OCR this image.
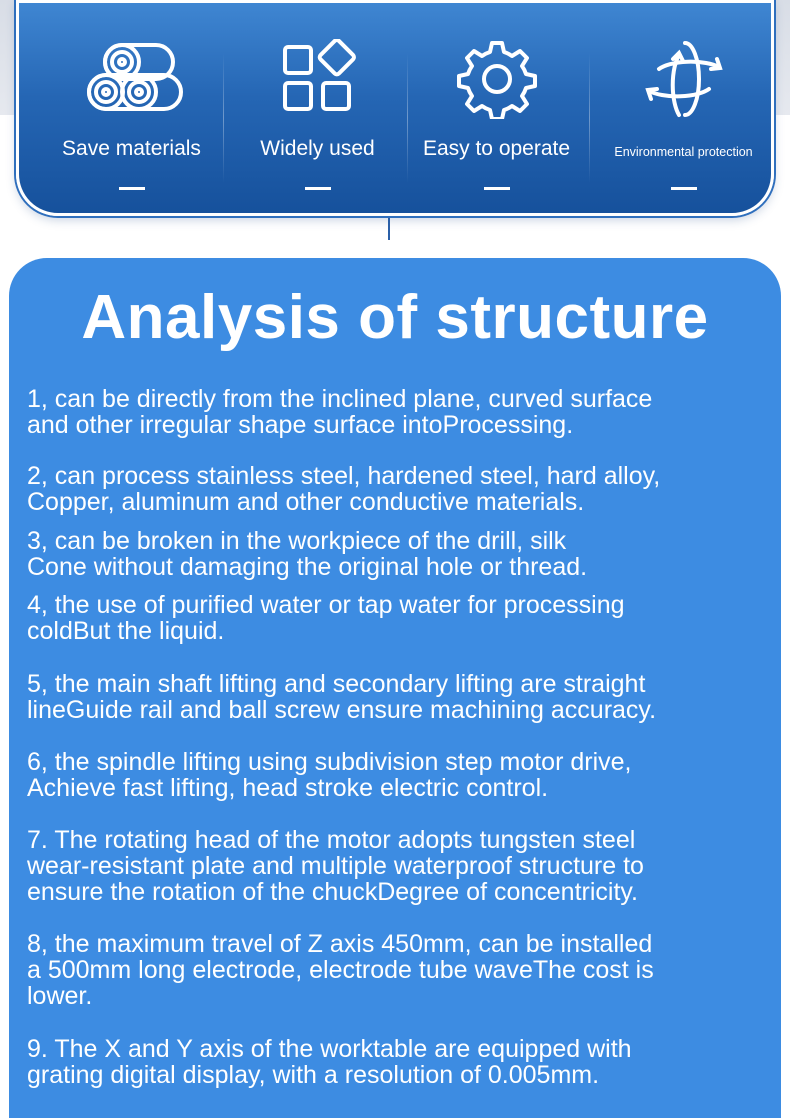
Save materials	Widely used	Easy to operate	Environmental protection
Analysis of structure

1, can be directly from the inclined plane, curved surface
and other irregular shape surface intoProcessing.

2, can process stainless steel, hardened steel, hard alloy,
Copper, aluminum and other conductive materials.

3, can be broken in the workpiece of the drill, silk
Cone without damaging the original hole or thread.

4, the use of purified water or tap water for processing
coldBut the liquid.

5, the main shaft lifting and secondary lifting are straight
lineGuide rail and ball screw ensure machining accuracy.

6, the spindle lifting using subdivision step motor drive,
Achieve fast lifting, head stroke electric control.

7. The rotating head of the motor adopts tungsten steel
wear-resistant plate and multiple waterproof structure to
ensure the rotation of the chuckDegree of concentricity.

8, the maximum travel of Z axis 450mm, can be installed
a 500mm long electrode, electrode tube waveThe cost is
lower.

9. The X and Y axis of the worktable are equipped with
grating digital display, with a resolution of 0.005mm.
